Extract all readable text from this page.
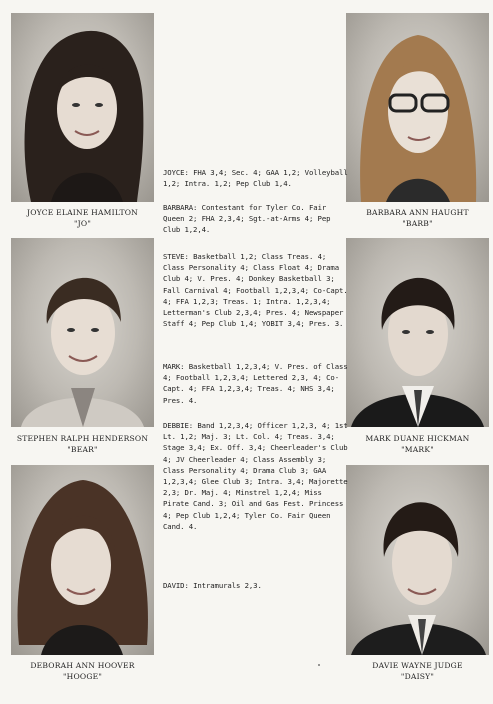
JOYCE ELAINE HAMILTON
"JO"
BARBARA ANN HAUGHT
"BARB"
STEPHEN RALPH HENDERSON
"BEAR"
MARK DUANE HICKMAN
"MARK"
DEBORAH ANN HOOVER
"HOOGE"
DAVIE WAYNE JUDGE
"DAISY"
JOYCE: FHA 3,4; Sec. 4; GAA 1,2; Volleyball 1,2; Intra. 1,2; Pep Club 1,4.
BARBARA: Contestant for Tyler Co. Fair Queen 2; FHA 2,3,4; Sgt.-at-Arms 4; Pep Club 1,2,4.
STEVE: Basketball 1,2; Class Treas. 4; Class Personality 4; Class Float 4; Drama Club 4; V. Pres. 4; Donkey Basketball 3; Fall Carnival 4; Football 1,2,3,4; Co-Capt. 4; FFA 1,2,3; Treas. 1; Intra. 1,2,3,4; Letterman's Club 2,3,4; Pres. 4; Newspaper Staff 4; Pep Club 1,4; YOBIT 3,4; Pres. 3.
MARK: Basketball 1,2,3,4; V. Pres. of Class 4; Football 1,2,3,4; Lettered 2,3, 4; Co-Capt. 4; FFA 1,2,3,4; Treas. 4; NHS 3,4; Pres. 4.
DEBBIE: Band 1,2,3,4; Officer 1,2,3, 4; 1st Lt. 1,2; Maj. 3; Lt. Col. 4; Treas. 3,4; Stage 3,4; Ex. Off. 3,4; Cheerleader's Club 4; JV Cheerleader 4; Class Assembly 3; Class Personality 4; Drama Club 3; GAA 1,2,3,4; Glee Club 3; Intra. 3,4; Majorette 2,3; Dr. Maj. 4; Minstrel 1,2,4; Miss Pirate Cand. 3; Oil and Gas Fest. Princess 4; Pep Club 1,2,4; Tyler Co. Fair Queen Cand. 4.
DAVID: Intramurals 2,3.
